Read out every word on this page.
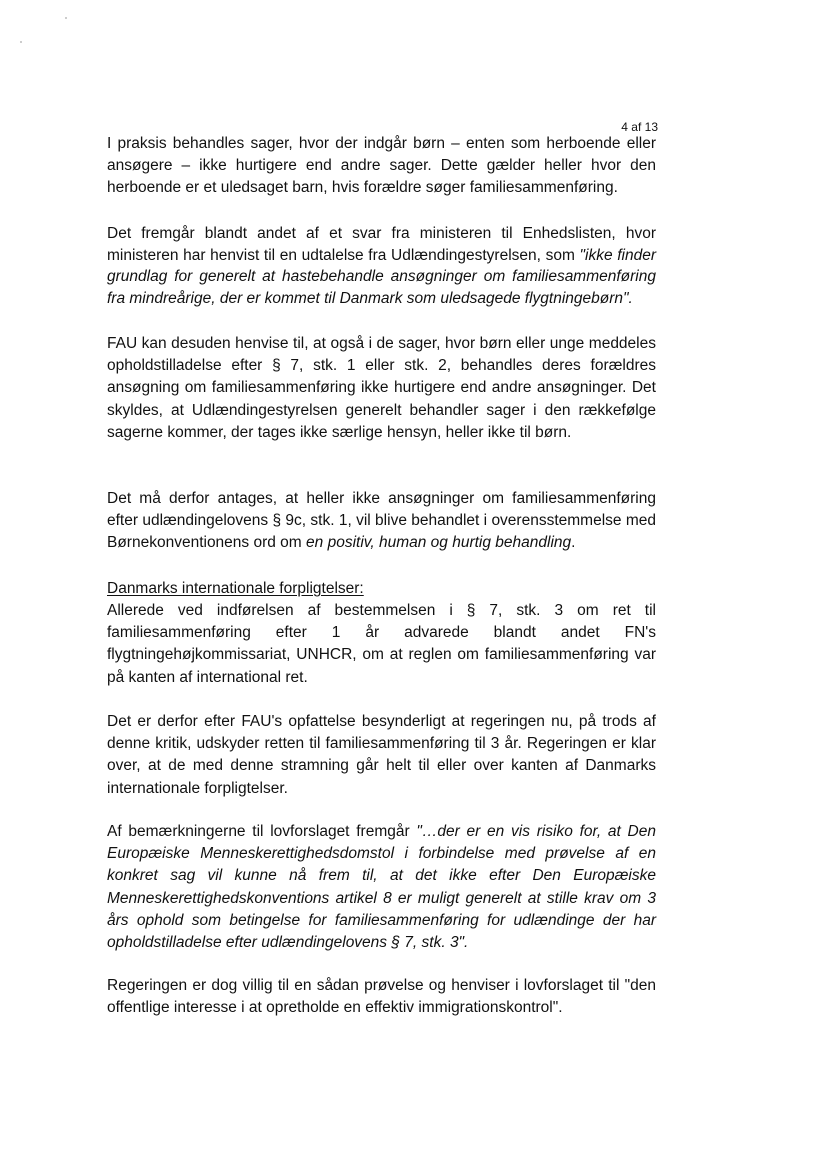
4 af 13

I praksis behandles sager, hvor der indgår børn – enten som herboende eller ansøgere – ikke hurtigere end andre sager. Dette gælder heller hvor den herboende er et uledsaget barn, hvis forældre søger familiesammenføring.

Det fremgår blandt andet af et svar fra ministeren til Enhedslisten, hvor ministeren har henvist til en udtalelse fra Udlændingestyrelsen, som "ikke finder grundlag for generelt at hastebehandle ansøgninger om familiesammenføring fra mindreårige, der er kommet til Danmark som uledsagede flygtningebørn".

FAU kan desuden henvise til, at også i de sager, hvor børn eller unge meddeles opholdstilladelse efter § 7, stk. 1 eller stk. 2, behandles deres forældres ansøgning om familiesammenføring ikke hurtigere end andre ansøgninger. Det skyldes, at Udlændingestyrelsen generelt behandler sager i den rækkefølge sagerne kommer, der tages ikke særlige hensyn, heller ikke til børn.

Det må derfor antages, at heller ikke ansøgninger om familiesammenføring efter udlændingelovens § 9c, stk. 1, vil blive behandlet i overensstemmelse med Børnekonventionens ord om en positiv, human og hurtig behandling.

Danmarks internationale forpligtelser:

Allerede ved indførelsen af bestemmelsen i § 7, stk. 3 om ret til familiesammenføring efter 1 år advarede blandt andet FN's flygtningehøjkommissariat, UNHCR, om at reglen om familiesammenføring var på kanten af international ret.

Det er derfor efter FAU's opfattelse besynderligt at regeringen nu, på trods af denne kritik, udskyder retten til familiesammenføring til 3 år. Regeringen er klar over, at de med denne stramning går helt til eller over kanten af Danmarks internationale forpligtelser.

Af bemærkningerne til lovforslaget fremgår "…der er en vis risiko for, at Den Europæiske Menneskerettighedsdomstol i forbindelse med prøvelse af en konkret sag vil kunne nå frem til, at det ikke efter Den Europæiske Menneskerettighedskonventions artikel 8 er muligt generelt at stille krav om 3 års ophold som betingelse for familiesammenføring for udlændinge der har opholdstilladelse efter udlændingelovens § 7, stk. 3".

Regeringen er dog villig til en sådan prøvelse og henviser i lovforslaget til "den offentlige interesse i at opretholde en effektiv immigrationskontrol".
